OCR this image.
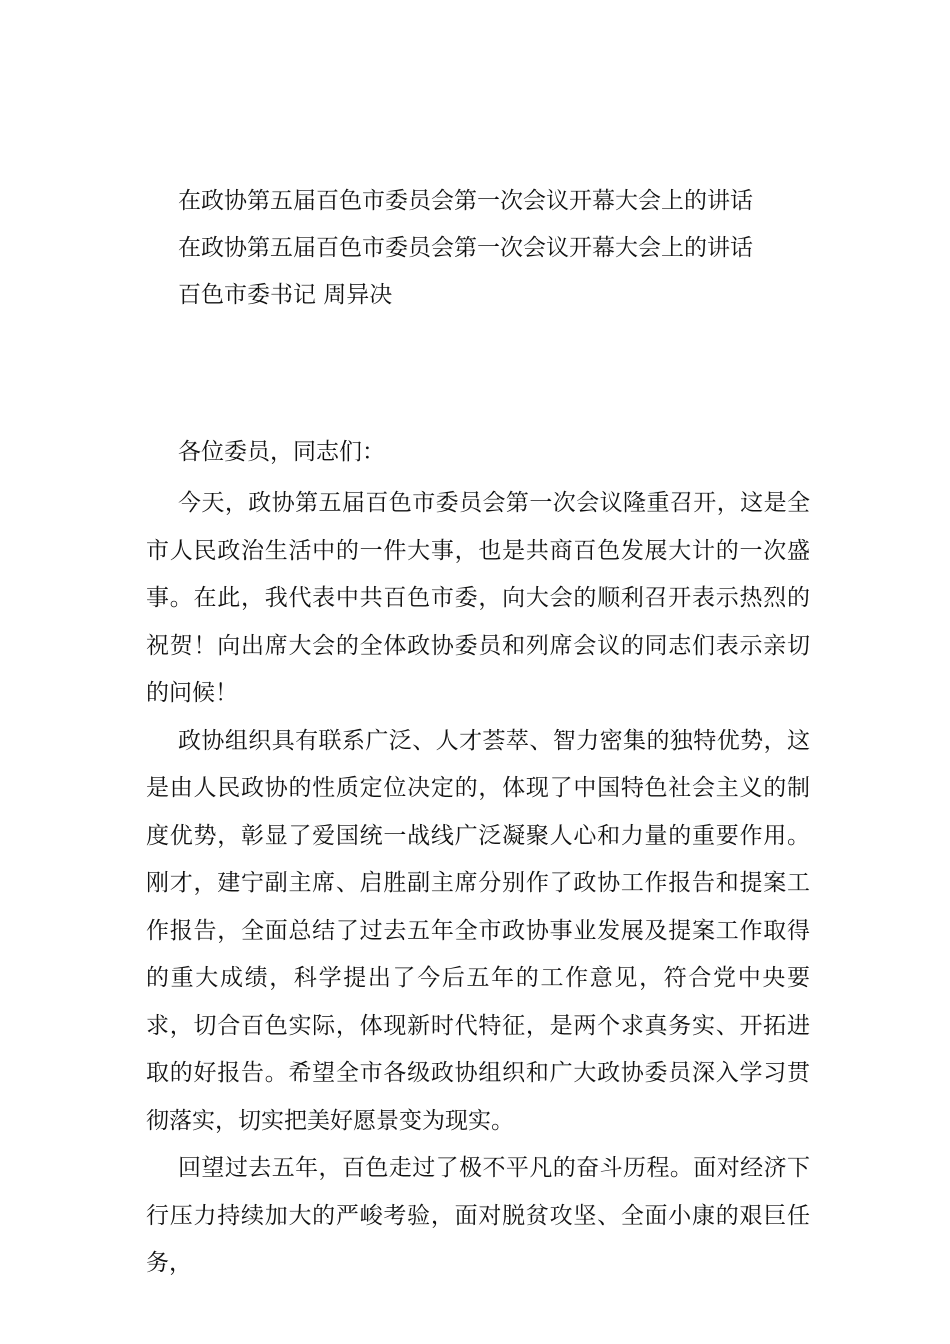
在政协第五届百色市委员会第一次会议开幕大会上的讲话
在政协第五届百色市委员会第一次会议开幕大会上的讲话
百色市委书记 周异决
各位委员，同志们：

今天，政协第五届百色市委员会第一次会议隆重召开，这是全市人民政治生活中的一件大事，也是共商百色发展大计的一次盛事。在此，我代表中共百色市委，向大会的顺利召开表示热烈的祝贺！向出席大会的全体政协委员和列席会议的同志们表示亲切的问候！

政协组织具有联系广泛、人才荟萃、智力密集的独特优势，这是由人民政协的性质定位决定的，体现了中国特色社会主义的制度优势，彰显了爱国统一战线广泛凝聚人心和力量的重要作用。刚才，建宁副主席、启胜副主席分别作了政协工作报告和提案工作报告，全面总结了过去五年全市政协事业发展及提案工作取得的重大成绩，科学提出了今后五年的工作意见，符合党中央要求，切合百色实际，体现新时代特征，是两个求真务实、开拓进取的好报告。希望全市各级政协组织和广大政协委员深入学习贯彻落实，切实把美好愿景变为现实。

回望过去五年，百色走过了极不平凡的奋斗历程。面对经济下行压力持续加大的严峻考验，面对脱贫攻坚、全面小康的艰巨任务，
